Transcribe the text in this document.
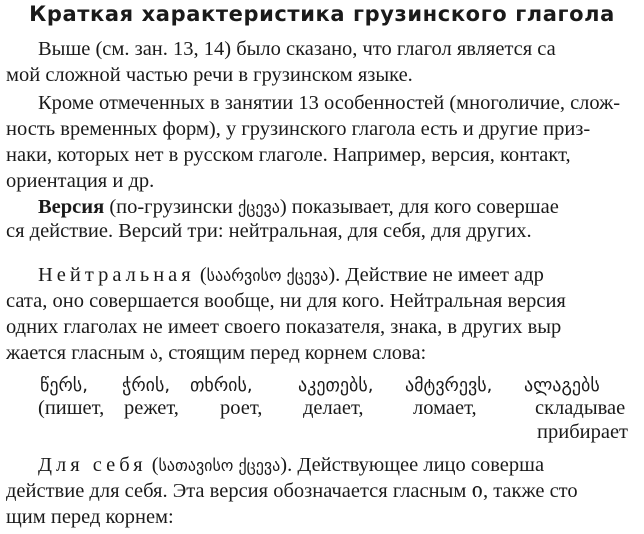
Краткая характеристика грузинского глагола
Выше (см. зан. 13, 14) было сказано, что глагол является са
мой сложной частью речи в грузинском языке.
Кроме отмеченных в занятии 13 особенностей (многоличие, слож-
ность временных форм), у грузинского глагола есть и другие приз-
наки, которых нет в русском глаголе. Например, версия, контакт,
ориентация и др.
Версия (по-грузински ქცევა) показывает, для кого совершае
ся действие. Версий три: нейтральная, для себя, для других.
Нейтральная (საარვისო ქცევა). Действие не имеет адр
сата, оно совершается вообще, ни для кого. Нейтральная версия
одних глаголах не имеет своего показателя, знака, в других выр
жается гласным ა, стоящим перед корнем слова:
წერს, ჭრის, თხრის,	აკეთებს, ამტვრევს, ალაგებს
(пишет, режет, роет, делает, ломает,	складывае
прибирает
Для себя (სათავისო ქცევა). Действующее лицо соверша
действие для себя. Эта версия обозначается гласным ი, также сто
щим перед корнем:
